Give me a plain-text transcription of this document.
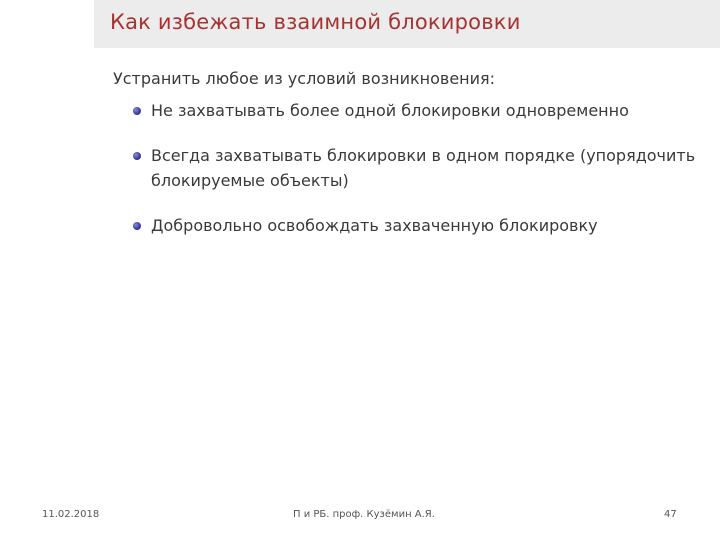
Как избежать взаимной блокировки
Устранить любое из условий возникновения:
Не захватывать более одной блокировки одновременно
Всегда захватывать блокировки в одном порядке (упорядочить блокируемые объекты)
Добровольно освобождать захваченную блокировку
11.02.2018	П и РБ. проф. Кузёмин А.Я.	47
